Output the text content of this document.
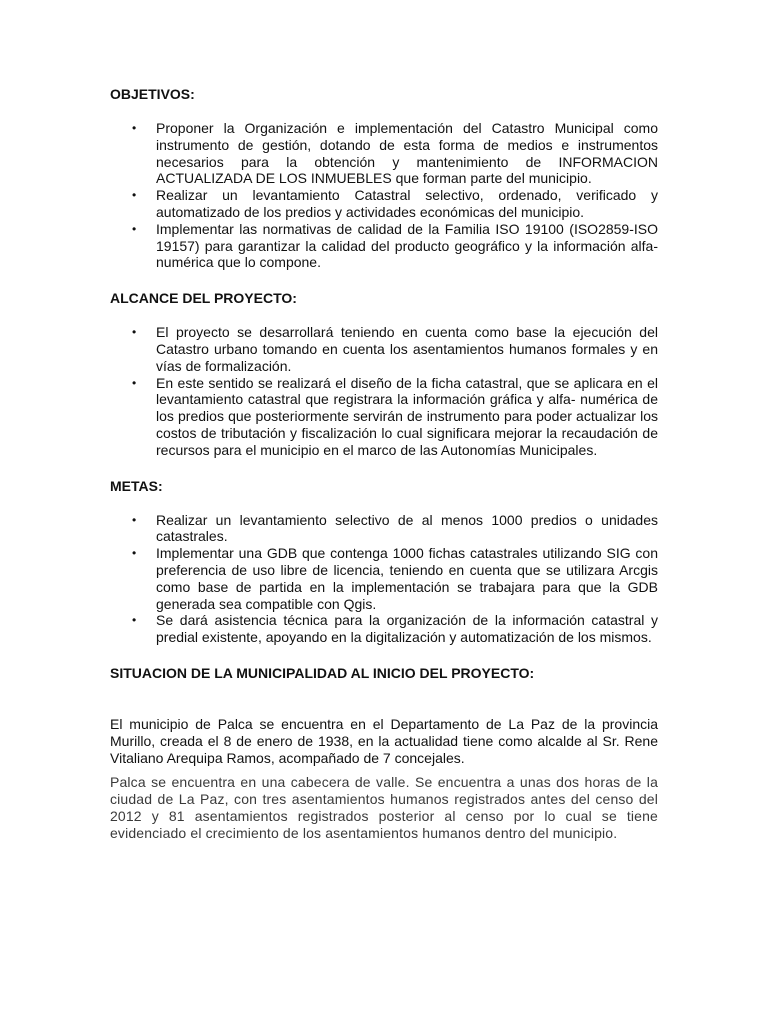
OBJETIVOS:
• Proponer la Organización e implementación del Catastro Municipal como instrumento de gestión, dotando de esta forma de medios e instrumentos necesarios para la obtención y mantenimiento de INFORMACION ACTUALIZADA DE LOS INMUEBLES que forman parte del municipio.
• Realizar un levantamiento Catastral selectivo, ordenado, verificado y automatizado de los predios y actividades económicas del municipio.
• Implementar las normativas de calidad de la Familia ISO 19100 (ISO2859-ISO 19157) para garantizar la calidad del producto geográfico y la información alfa-numérica que lo compone.
ALCANCE DEL PROYECTO:
• El proyecto se desarrollará teniendo en cuenta como base la ejecución del Catastro urbano tomando en cuenta los asentamientos humanos formales y en vías de formalización.
• En este sentido se realizará el diseño de la ficha catastral, que se aplicara en el levantamiento catastral que registrara la información gráfica y alfa- numérica de los predios que posteriormente servirán de instrumento para poder actualizar los costos de tributación y fiscalización lo cual significara mejorar la recaudación de recursos para el municipio en el marco de las Autonomías Municipales.
METAS:
• Realizar un levantamiento selectivo de al menos 1000 predios o unidades catastrales.
• Implementar una GDB que contenga 1000 fichas catastrales utilizando SIG con preferencia de uso libre de licencia, teniendo en cuenta que se utilizara Arcgis como base de partida en la implementación se trabajara para que la GDB generada sea compatible con Qgis.
• Se dará asistencia técnica para la organización de la información catastral y predial existente, apoyando en la digitalización y automatización de los mismos.
SITUACION DE LA MUNICIPALIDAD AL INICIO DEL PROYECTO:

El municipio de Palca se encuentra en el Departamento de La Paz de la provincia Murillo, creada el 8 de enero de 1938, en la actualidad tiene como alcalde al Sr. Rene Vitaliano Arequipa Ramos, acompañado de 7 concejales.

Palca se encuentra en una cabecera de valle. Se encuentra a unas dos horas de la ciudad de La Paz, con tres asentamientos humanos registrados antes del censo del 2012 y 81 asentamientos registrados posterior al censo por lo cual se tiene evidenciado el crecimiento de los asentamientos humanos dentro del municipio.
